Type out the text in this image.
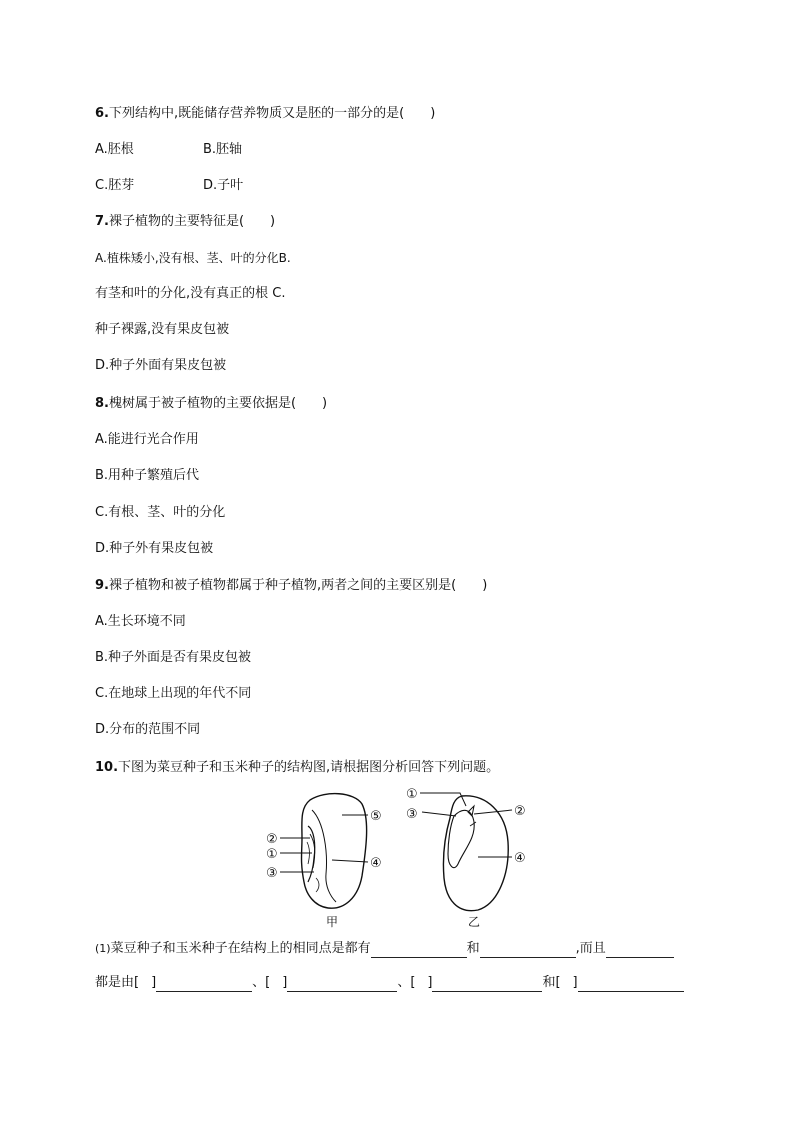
6.下列结构中,既能储存营养物质又是胚的一部分的是(　　)
A.胚根	B.胚轴
C.胚芽	D.子叶
7.裸子植物的主要特征是(　　)
A.植株矮小,没有根、茎、叶的分化B.
有茎和叶的分化,没有真正的根 C.
种子裸露,没有果皮包被
D.种子外面有果皮包被
8.槐树属于被子植物的主要依据是(　　)
A.能进行光合作用
B.用种子繁殖后代
C.有根、茎、叶的分化
D.种子外有果皮包被
9.裸子植物和被子植物都属于种子植物,两者之间的主要区别是(　　)
A.生长环境不同
B.种子外面是否有果皮包被
C.在地球上出现的年代不同
D.分布的范围不同
10.下图为菜豆种子和玉米种子的结构图,请根据图分析回答下列问题。
②
①
③
⑤
④
①
③	②
④
甲	乙
(1)菜豆种子和玉米种子在结构上的相同点是都有	和	,而且
都是由[ ]	、[ ]	、[ ]	和[ ]
